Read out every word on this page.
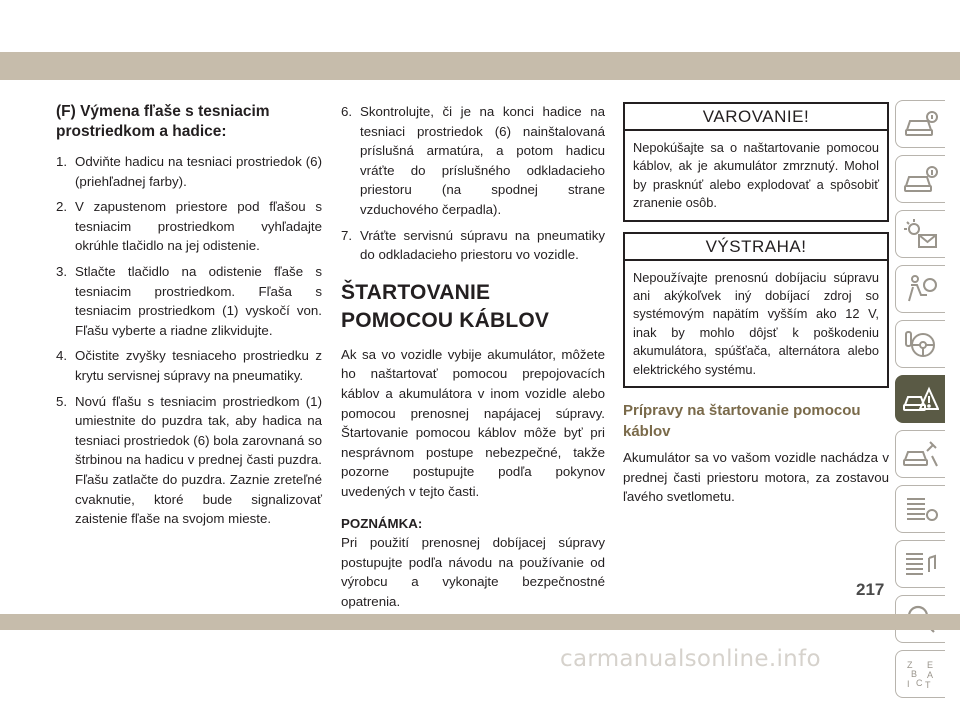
(F) Výmena fľaše s tesniacim prostriedkom a hadice:
1. Odviňte hadicu na tesniaci prostriedok (6) (priehľadnej farby).
2. V zapustenom priestore pod fľašou s tesniacim prostriedkom vyhľadajte okrúhle tlačidlo na jej odistenie.
3. Stlačte tlačidlo na odistenie fľaše s tesniacim prostriedkom. Fľaša s tesniacim prostriedkom (1) vyskočí von. Fľašu vyberte a riadne zlikvidujte.
4. Očistite zvyšky tesniaceho prostriedku z krytu servisnej súpravy na pneumatiky.
5. Novú fľašu s tesniacim prostriedkom (1) umiestnite do puzdra tak, aby hadica na tesniaci prostriedok (6) bola zarovnaná so štrbinou na hadicu v prednej časti puzdra. Fľašu zatlačte do puzdra. Zaznie zreteľné cvaknutie, ktoré bude signalizovať zaistenie fľaše na svojom mieste.
6. Skontrolujte, či je na konci hadice na tesniaci prostriedok (6) nainštalovaná príslušná armatúra, a potom hadicu vráťte do príslušného odkladacieho priestoru (na spodnej strane vzduchového čerpadla).
7. Vráťte servisnú súpravu na pneumatiky do odkladacieho priestoru vo vozidle.
ŠTARTOVANIE POMOCOU KÁBLOV

Ak sa vo vozidle vybije akumulátor, môžete ho naštartovať pomocou prepojovacích káblov a akumulátora v inom vozidle alebo pomocou prenosnej napájacej súpravy. Štartovanie pomocou káblov môže byť pri nesprávnom postupe nebezpečné, takže pozorne postupujte podľa pokynov uvedených v tejto časti.

POZNÁMKA:

Pri použití prenosnej dobíjacej súpravy postupujte podľa návodu na používanie od výrobcu a vykonajte bezpečnostné opatrenia.

VAROVANIE!
Nepokúšajte sa o naštartovanie pomocou káblov, ak je akumulátor zmrznutý. Mohol by prasknúť alebo explodovať a spôsobiť zranenie osôb.
VÝSTRAHA!
Nepoužívajte prenosnú dobíjaciu súpravu ani akýkoľvek iný dobíjací zdroj so systémovým napätím vyšším ako 12 V, inak by mohlo dôjsť k poškodeniu akumulátora, spúšťača, alternátora alebo elektrického systému.
Prípravy na štartovanie pomocou káblov

Akumulátor sa vo vašom vozidle nachádza v prednej časti priestoru motora, za zostavou ľavého svetlometu.

Z E
B A
I C T
217
carmanualsonline.info
